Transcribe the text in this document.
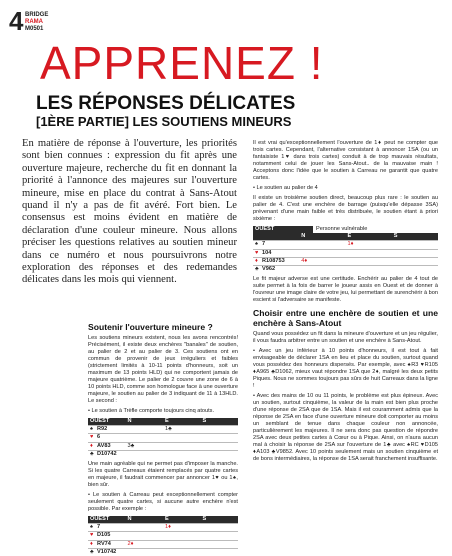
4 BRIDGE
RAMA
M0501
APPRENEZ !
LES RÉPONSES DÉLICATES
[1ÈRE PARTIE] LES SOUTIENS MINEURS
En matière de réponse à l'ouverture, les priorités sont bien connues : expression du fit après une ouverture majeure, recherche du fit en donnant la priorité à l'annonce des majeures sur l'ouverture mineure, mise en place du contrat à Sans-Atout quand il n'y a pas de fit avéré. Fort bien. Le consensus est moins évident en matière de déclaration d'une couleur mineure. Nous allons préciser les questions relatives au soutien mineur dans ce numéro et nous poursuivrons notre exploration des réponses et des redemandes délicates dans les mois qui viennent.
Soutenir l'ouverture mineure ?

Les soutiens mineurs existent, nous les avons rencontrés! Précisément, il existe deux enchères "banales" de soutien, au palier de 2 et au palier de 3. Ces soutiens ont en commun de provenir de jeux irréguliers et faibles (strictement limités à 10-11 points d'honneurs, soit un maximum de 13 points HLD) qui ne comportent jamais de majeure quatrième. Le palier de 2 couvre une zone de 6 à 10 points HLD, comme son homologue face à une ouverture majeure, le soutien au palier de 3 indiquant de 11 à 13HLD. Le second :

• Le soutien à Trèfle comporte toujours cinq atouts.

OUEST	N	E	S
♠ R92	1♣
♥ 6
♦ AV83	3♣
♣ D10742

Une main agréable qui ne permet pas d'imposer la manche. Si les quatre Carreaux étaient remplacés par quatre cartes en majeure, il faudrait commencer par annoncer 1♥ ou 1♠, bien sûr.

• Le soutien à Carreau peut exceptionnellement compter seulement quatre cartes, si aucune autre enchère n'est possible. Par exemple :

OUEST	N	E	S
♠ 7	1♦
♥ D105
♦ RV74	2♦
♣ V10742

Il est vrai qu'exceptionnellement l'ouverture de 1♦ peut ne compter que trois cartes. Cependant, l'alternative consistant à annoncer 1SA (ou un fantaisiste 1♥ dans trois cartes) conduit à de trop mauvais résultats, notamment celui de jouer les Sans-Atout.. de la mauvaise main ! Acceptons donc l'idée que le soutien à Carreau ne garantit que quatre cartes.

• Le soutien au palier de 4

Il existe un troisième soutien direct, beaucoup plus rare : le soutien au palier de 4. C'est une enchère de barrage (puisqu'elle dépasse 3SA) prévenant d'une main faible et très distribuée, le soutien étant à priori sixième :

OUEST	Personne vulnérable
N	E	S
♠ 7	1♦
♥ 104
♦ R108753	4♦
♣ V962

Le fit majeur adverse est une certitude. Enchérir au palier de 4 tout de suite permet à la fois de barrer le joueur assis en Ouest et de donner à l'ouvreur une image claire de votre jeu, lui permettant de surenchérir à bon escient si l'adversaire se manifeste.

Choisir entre une enchère de soutien et une enchère à Sans-Atout

Quand vous possédez un fit dans la mineure d'ouverture et un jeu régulier, il vous faudra arbitrer entre un soutien et une enchère à Sans-Atout.

• Avec un jeu inférieur à 10 points d'honneurs, il est tout à fait envisageable de déclarer 1SA en lieu et place du soutien, surtout quand vous possédez des honneurs dispersés. Par exemple, avec ♠R3 ♥R105 ♦A965 ♣D1062, mieux vaut répondre 1SA que 2♦, malgré les deux petits Piques. Nous ne sommes toujours pas sûrs de huit Carreaux dans la ligne !

• Avec des mains de 10 ou 11 points, le problème est plus épineux. Avec un soutien, surtout cinquième, la valeur de la main est bien plus proche d'une réponse de 2SA que de 1SA. Mais il est couramment admis que la réponse de 2SA en face d'une ouverture mineure doit comporter au moins un semblant de tenue dans chaque couleur non annoncée, particulièrement les majeures. Il ne sera donc pas question de répondre 2SA avec deux petites cartes à Cœur ou à Pique. Ainsi, on n'aura aucun mal à choisir la réponse de 2SA sur l'ouverture de 1♣ avec ♠RC ♥D105 ♦A103 ♣V9852. Avec 10 points seulement mais un soutien cinquième et de bons intermédiaires, la réponse de 1SA serait franchement insuffisante.
